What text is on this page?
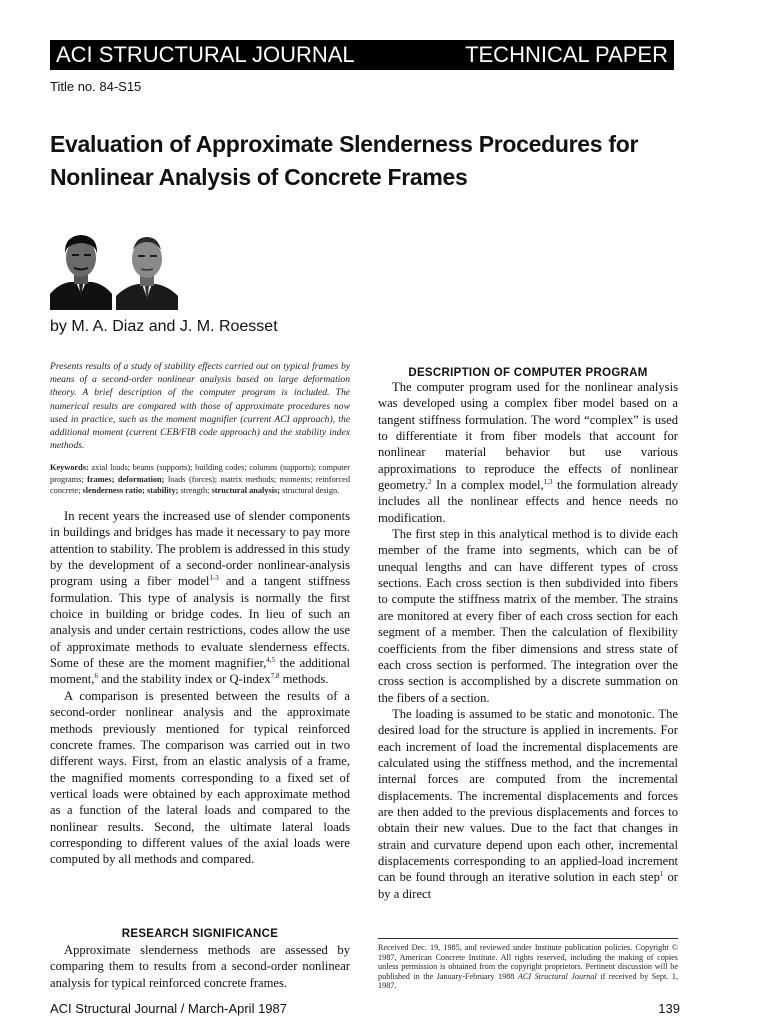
ACI STRUCTURAL JOURNAL	TECHNICAL PAPER
Title no. 84-S15
Evaluation of Approximate Slenderness Procedures for
Nonlinear Analysis of Concrete Frames
by M. A. Diaz and J. M. Roesset

Presents results of a study of stability effects carried out on typical frames by means of a second-order nonlinear analysis based on large deformation theory. A brief description of the computer program is included. The numerical results are compared with those of approximate procedures now used in practice, such as the moment magnifier (current ACI approach), the additional moment (current CEB/FIB code approach) and the stability index methods.

Keywords: axial loads; beams (supports); building codes; columns (supports); computer programs; frames; deformation; loads (forces); matrix methods; moments; reinforced concrete; slenderness ratio; stability; strength; structural analysis; structural design.

In recent years the increased use of slender components in buildings and bridges has made it necessary to pay more attention to stability. The problem is addressed in this study by the development of a second-order nonlinear-analysis program using a fiber model$^{1-3}$ and a tangent stiffness formulation. This type of analysis is normally the first choice in building or bridge codes. In lieu of such an analysis and under certain restrictions, codes allow the use of approximate methods to evaluate slenderness effects. Some of these are the moment magnifier,$^{4,5}$ the additional moment,$^6$ and the stability index or Q-index$^{7,8}$ methods.

A comparison is presented between the results of a second-order nonlinear analysis and the approximate methods previously mentioned for typical reinforced concrete frames. The comparison was carried out in two different ways. First, from an elastic analysis of a frame, the magnified moments corresponding to a fixed set of vertical loads were obtained by each approximate method as a function of the lateral loads and compared to the nonlinear results. Second, the ultimate lateral loads corresponding to different values of the axial loads were computed by all methods and compared.

RESEARCH SIGNIFICANCE

Approximate slenderness methods are assessed by comparing them to results from a second-order nonlinear analysis for typical reinforced concrete frames.

DESCRIPTION OF COMPUTER PROGRAM

The computer program used for the nonlinear analysis was developed using a complex fiber model based on a tangent stiffness formulation. The word “complex” is used to differentiate it from fiber models that account for nonlinear material behavior but use various approximations to reproduce the effects of nonlinear geometry.$^2$ In a complex model,$^{1,3}$ the formulation already includes all the nonlinear effects and hence needs no modification.

The first step in this analytical method is to divide each member of the frame into segments, which can be of unequal lengths and can have different types of cross sections. Each cross section is then subdivided into fibers to compute the stiffness matrix of the member. The strains are monitored at every fiber of each cross section for each segment of a member. Then the calculation of flexibility coefficients from the fiber dimensions and stress state of each cross section is performed. The integration over the cross section is accomplished by a discrete summation on the fibers of a section.

The loading is assumed to be static and monotonic. The desired load for the structure is applied in increments. For each increment of load the incremental displacements are calculated using the stiffness method, and the incremental internal forces are computed from the incremental displacements. The incremental displacements and forces are then added to the previous displacements and forces to obtain their new values. Due to the fact that changes in strain and curvature depend upon each other, incremental displacements corresponding to an applied-load increment can be found through an iterative solution in each step$^1$ or by a direct

Received Dec. 19, 1985, and reviewed under Institute publication policies. Copyright © 1987, American Concrete Institute. All rights reserved, including the making of copies unless permission is obtained from the copyright proprietors. Pertinent discussion will be published in the January-February 1988 ACI Structural Journal if received by Sept. 1, 1987.
ACI Structural Journal / March-April 1987	139
